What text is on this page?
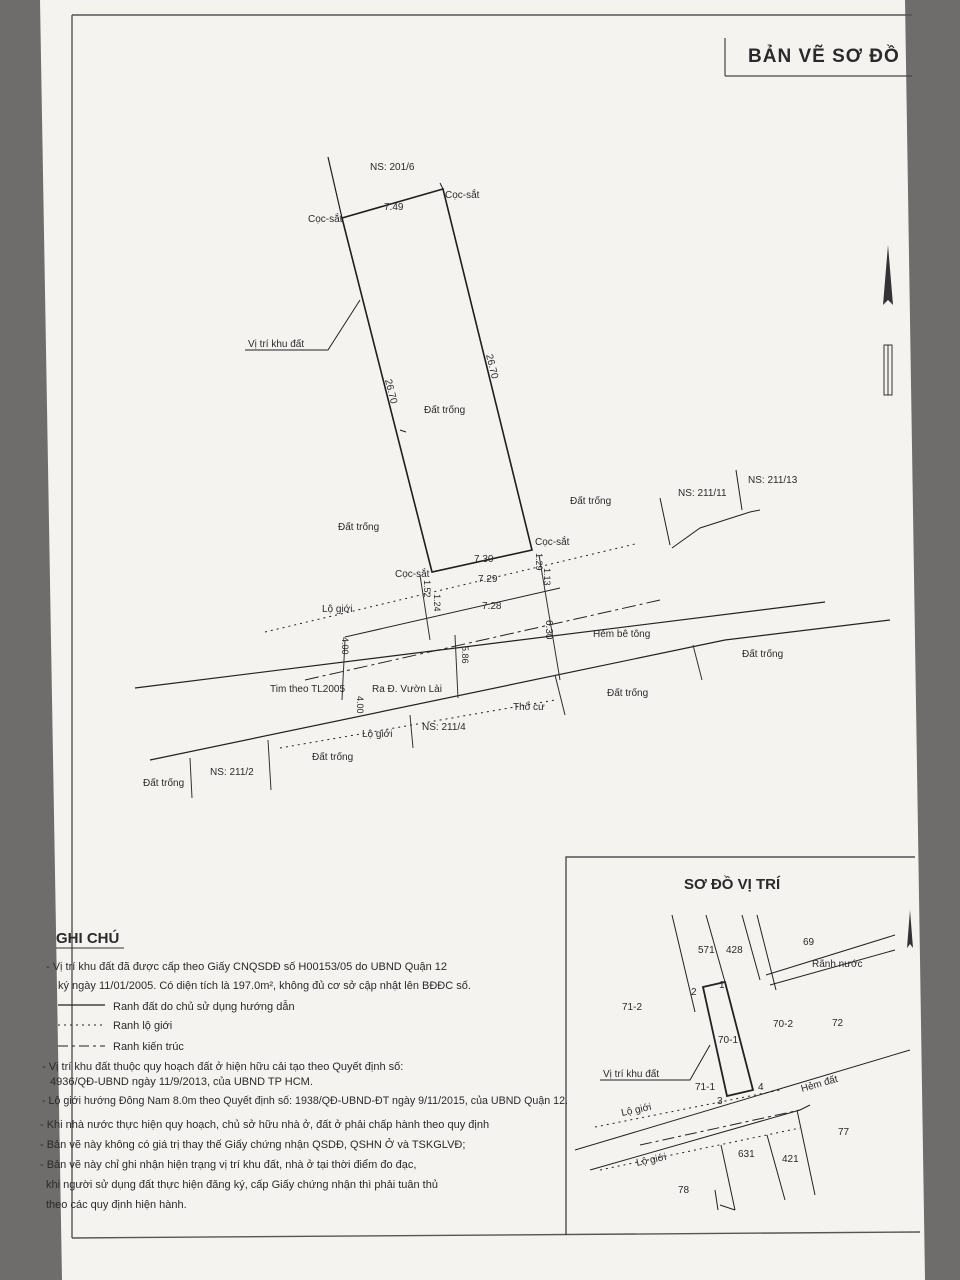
BẢN VẼ SƠ ĐỒ
NS: 201/6
Cọc-sắt
Cọc-sắt
7.49
Vị trí khu đất
26.70
26.70
Đất trống
Đất trống
Đất trống
NS: 211/11
NS: 211/13
Cọc-sắt
7.30
Cọc-sắt	7.29
7.28
1.52
1.24
1.29
1.13
Lộ giới
6.30	Hẻm bê tông
4.00
5.86	Đất trống
Tim theo TL2005	Ra Đ. Vườn Lài	Đất trống
4.00	Thổ cư
Lộ giới
NS: 211/4
Đất trống
NS: 211/2
Đất trống
GHI CHÚ
- Vị trí khu đất đã được cấp theo Giấy CNQSDĐ số H00153/05 do UBND Quận 12
ký ngày 11/01/2005. Có diện tích là 197.0m², không đủ cơ sở cập nhật lên BĐĐC số.
Ranh đất do chủ sử dụng hướng dẫn
Ranh lộ giới
Ranh kiến trúc
- Vị trí khu đất thuộc quy hoạch đất ở hiện hữu cải tạo theo Quyết định số:
4936/QĐ-UBND ngày 11/9/2013, của UBND TP HCM.
- Lộ giới hướng Đông Nam 8.0m theo Quyết định số: 1938/QĐ-UBND-ĐT ngày 9/11/2015, của UBND Quận 12.
- Khi nhà nước thực hiện quy hoạch, chủ sở hữu nhà ở, đất ở phải chấp hành theo quy định
- Bản vẽ này không có giá trị thay thế Giấy chứng nhận QSDĐ, QSHN Ở và TSKGLVĐ;
- Bản vẽ này chỉ ghi nhận hiện trạng vị trí khu đất, nhà ở tại thời điểm đo đạc,
khi người sử dụng đất thực hiện đăng ký, cấp Giấy chứng nhận thì phải tuân thủ
theo các quy định hiện hành.
SƠ ĐỒ VỊ TRÍ
571 428
69
Rãnh nước
1
2
71-2
70-2	72
70-1
Vị trí khu đất
71-1	4	Hẻm đất
3
Lộ giới
77
631	421
Lộ giới
78
